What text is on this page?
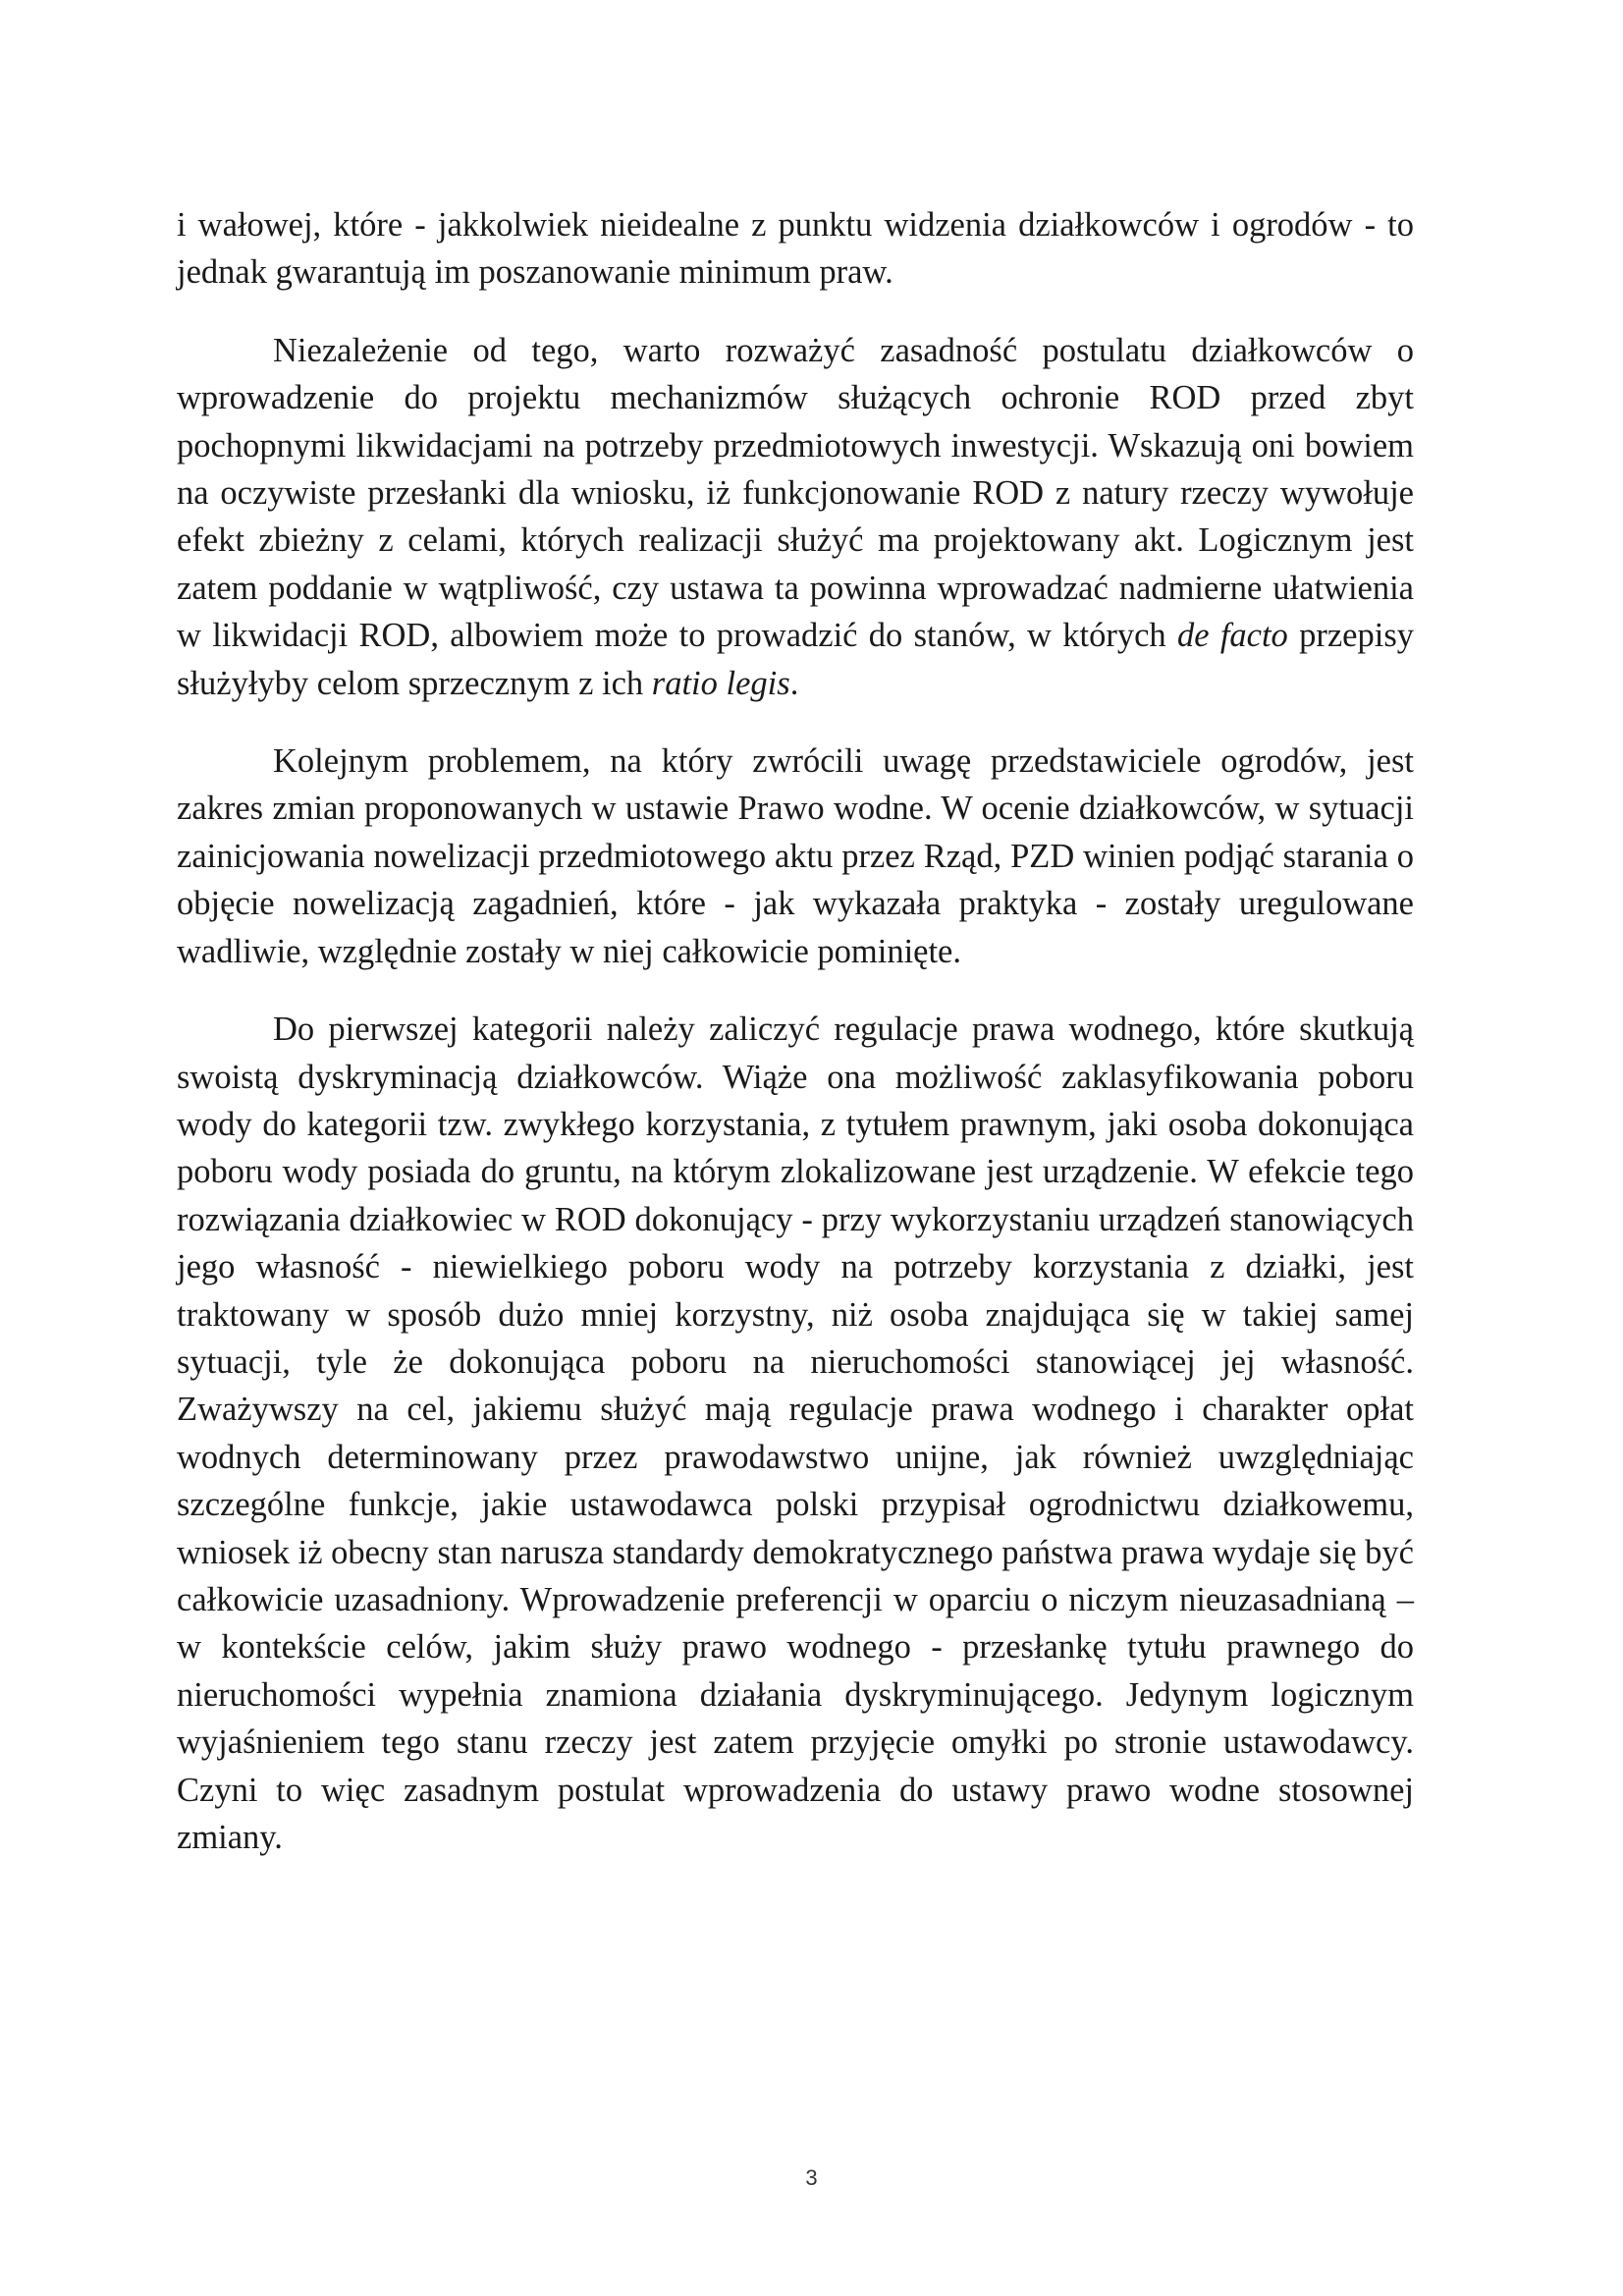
i wałowej, które - jakkolwiek nieidealne z punktu widzenia działkowców i ogrodów - to jednak gwarantują im poszanowanie minimum praw.

Niezależenie od tego, warto rozważyć zasadność postulatu działkowców o wprowadzenie do projektu mechanizmów służących ochronie ROD przed zbyt pochopnymi likwidacjami na potrzeby przedmiotowych inwestycji. Wskazują oni bowiem na oczywiste przesłanki dla wniosku, iż funkcjonowanie ROD z natury rzeczy wywołuje efekt zbieżny z celami, których realizacji służyć ma projektowany akt. Logicznym jest zatem poddanie w wątpliwość, czy ustawa ta powinna wprowadzać nadmierne ułatwienia w likwidacji ROD, albowiem może to prowadzić do stanów, w których de facto przepisy służyłyby celom sprzecznym z ich ratio legis.

Kolejnym problemem, na który zwrócili uwagę przedstawiciele ogrodów, jest zakres zmian proponowanych w ustawie Prawo wodne. W ocenie działkowców, w sytuacji zainicjowania nowelizacji przedmiotowego aktu przez Rząd, PZD winien podjąć starania o objęcie nowelizacją zagadnień, które - jak wykazała praktyka - zostały uregulowane wadliwie, względnie zostały w niej całkowicie pominięte.

Do pierwszej kategorii należy zaliczyć regulacje prawa wodnego, które skutkują swoistą dyskryminacją działkowców. Wiąże ona możliwość zaklasyfikowania poboru wody do kategorii tzw. zwykłego korzystania, z tytułem prawnym, jaki osoba dokonująca poboru wody posiada do gruntu, na którym zlokalizowane jest urządzenie. W efekcie tego rozwiązania działkowiec w ROD dokonujący - przy wykorzystaniu urządzeń stanowiących jego własność - niewielkiego poboru wody na potrzeby korzystania z działki, jest traktowany w sposób dużo mniej korzystny, niż osoba znajdująca się w takiej samej sytuacji, tyle że dokonująca poboru na nieruchomości stanowiącej jej własność. Zważywszy na cel, jakiemu służyć mają regulacje prawa wodnego i charakter opłat wodnych determinowany przez prawodawstwo unijne, jak również uwzględniając szczególne funkcje, jakie ustawodawca polski przypisał ogrodnictwu działkowemu, wniosek iż obecny stan narusza standardy demokratycznego państwa prawa wydaje się być całkowicie uzasadniony. Wprowadzenie preferencji w oparciu o niczym nieuzasadnianą – w kontekście celów, jakim służy prawo wodnego - przesłankę tytułu prawnego do nieruchomości wypełnia znamiona działania dyskryminującego. Jedynym logicznym wyjaśnieniem tego stanu rzeczy jest zatem przyjęcie omyłki po stronie ustawodawcy. Czyni to więc zasadnym postulat wprowadzenia do ustawy prawo wodne stosownej zmiany.

3
